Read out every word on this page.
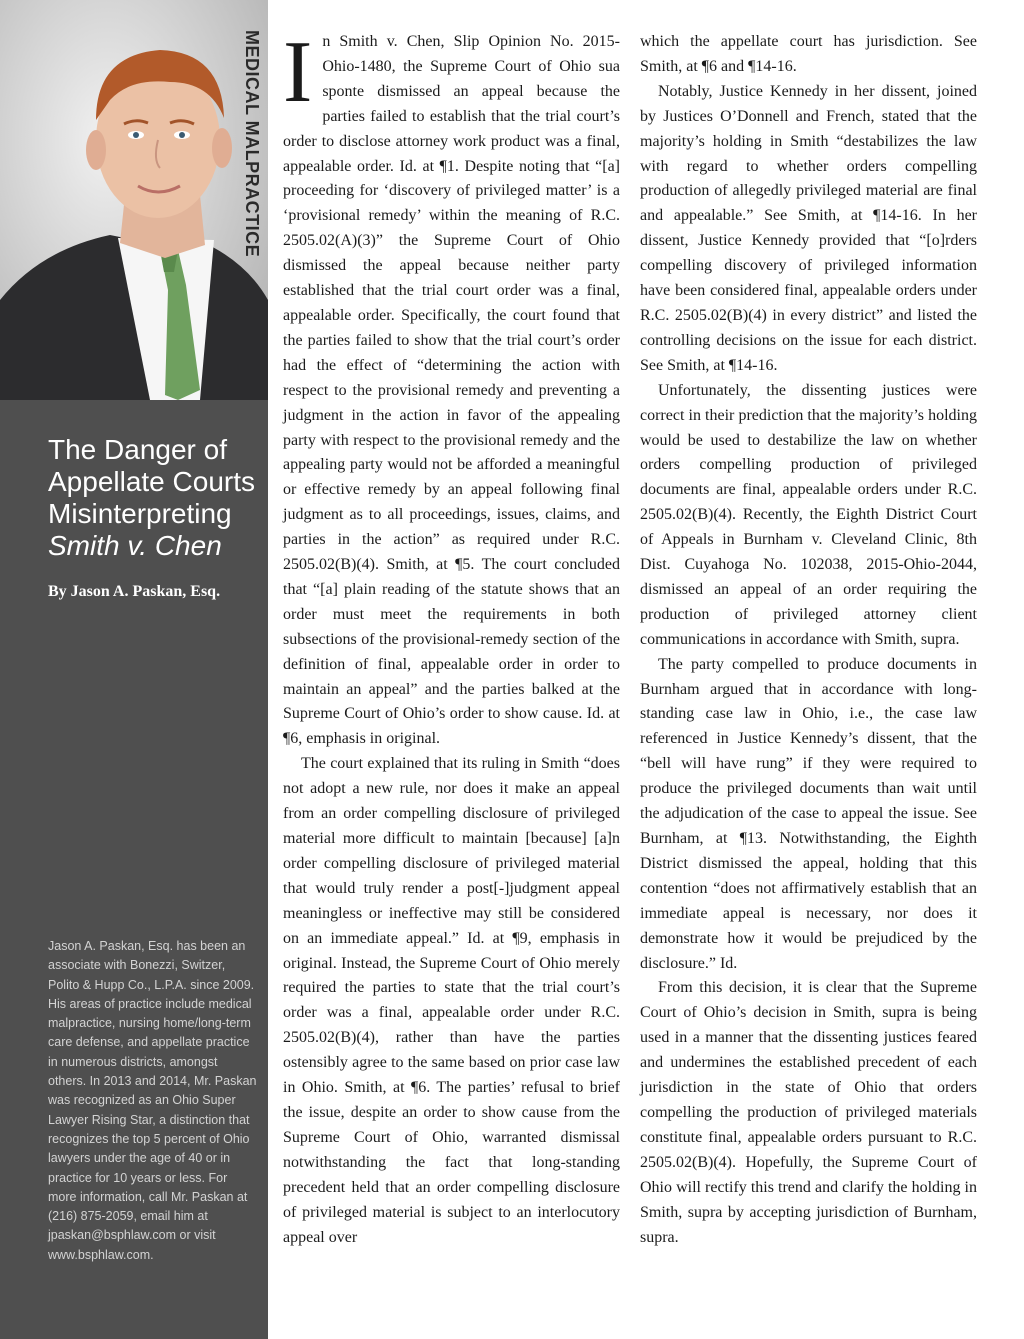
MEDICAL MALPRACTICE
The Danger of
Appellate Courts
Misinterpreting
Smith v. Chen
By Jason A. Paskan, Esq.
Jason A. Paskan, Esq. has been an associate with Bonezzi, Switzer, Polito & Hupp Co., L.P.A. since 2009. His areas of practice include medical malpractice, nursing home/long-term care defense, and appellate practice in numerous districts, amongst others. In 2013 and 2014, Mr. Paskan was recognized as an Ohio Super Lawyer Rising Star, a distinction that recognizes the top 5 percent of Ohio lawyers under the age of 40 or in practice for 10 years or less. For more information, call Mr. Paskan at (216) 875-2059, email him at jpaskan@bsphlaw.com or visit www.bsphlaw.com.

In Smith v. Chen, Slip Opinion No. 2015-Ohio-1480, the Supreme Court of Ohio sua sponte dismissed an appeal because the parties failed to establish that the trial court’s order to disclose attorney work product was a final, appealable order. Id. at ¶1. Despite noting that “[a] proceeding for ‘discovery of privileged matter’ is a ‘provisional remedy’ within the meaning of R.C. 2505.02(A)(3)” the Supreme Court of Ohio dismissed the appeal because neither party established that the trial court order was a final, appealable order. Specifically, the court found that the parties failed to show that the trial court’s order had the effect of “determining the action with respect to the provisional remedy and preventing a judgment in the action in favor of the appealing party with respect to the provisional remedy and the appealing party would not be afforded a meaningful or effective remedy by an appeal following final judgment as to all proceedings, issues, claims, and parties in the action” as required under R.C. 2505.02(B)(4). Smith, at ¶5. The court concluded that “[a] plain reading of the statute shows that an order must meet the requirements in both subsections of the provisional-remedy section of the definition of final, appealable order in order to maintain an appeal” and the parties balked at the Supreme Court of Ohio’s order to show cause. Id. at ¶6, emphasis in original.

The court explained that its ruling in Smith “does not adopt a new rule, nor does it make an appeal from an order compelling disclosure of privileged material more difficult to maintain [because] [a]n order compelling disclosure of privileged material that would truly render a post[-]judgment appeal meaningless or ineffective may still be considered on an immediate appeal.” Id. at ¶9, emphasis in original. Instead, the Supreme Court of Ohio merely required the parties to state that the trial court’s order was a final, appealable order under R.C. 2505.02(B)(4), rather than have the parties ostensibly agree to the same based on prior case law in Ohio. Smith, at ¶6. The parties’ refusal to brief the issue, despite an order to show cause from the Supreme Court of Ohio, warranted dismissal notwithstanding the fact that long-standing precedent held that an order compelling disclosure of privileged material is subject to an interlocutory appeal over

which the appellate court has jurisdiction. See Smith, at ¶6 and ¶14-16.

Notably, Justice Kennedy in her dissent, joined by Justices O’Donnell and French, stated that the majority’s holding in Smith “destabilizes the law with regard to whether orders compelling production of allegedly privileged material are final and appealable.” See Smith, at ¶14-16. In her dissent, Justice Kennedy provided that “[o]rders compelling discovery of privileged information have been considered final, appealable orders under R.C. 2505.02(B)(4) in every district” and listed the controlling decisions on the issue for each district. See Smith, at ¶14-16.

Unfortunately, the dissenting justices were correct in their prediction that the majority’s holding would be used to destabilize the law on whether orders compelling production of privileged documents are final, appealable orders under R.C. 2505.02(B)(4). Recently, the Eighth District Court of Appeals in Burnham v. Cleveland Clinic, 8th Dist. Cuyahoga No. 102038, 2015-Ohio-2044, dismissed an appeal of an order requiring the production of privileged attorney client communications in accordance with Smith, supra.

The party compelled to produce documents in Burnham argued that in accordance with long-standing case law in Ohio, i.e., the case law referenced in Justice Kennedy’s dissent, that the “bell will have rung” if they were required to produce the privileged documents than wait until the adjudication of the case to appeal the issue. See Burnham, at ¶13. Notwithstanding, the Eighth District dismissed the appeal, holding that this contention “does not affirmatively establish that an immediate appeal is necessary, nor does it demonstrate how it would be prejudiced by the disclosure.” Id.

From this decision, it is clear that the Supreme Court of Ohio’s decision in Smith, supra is being used in a manner that the dissenting justices feared and undermines the established precedent of each jurisdiction in the state of Ohio that orders compelling the production of privileged materials constitute final, appealable orders pursuant to R.C. 2505.02(B)(4). Hopefully, the Supreme Court of Ohio will rectify this trend and clarify the holding in Smith, supra by accepting jurisdiction of Burnham, supra.
